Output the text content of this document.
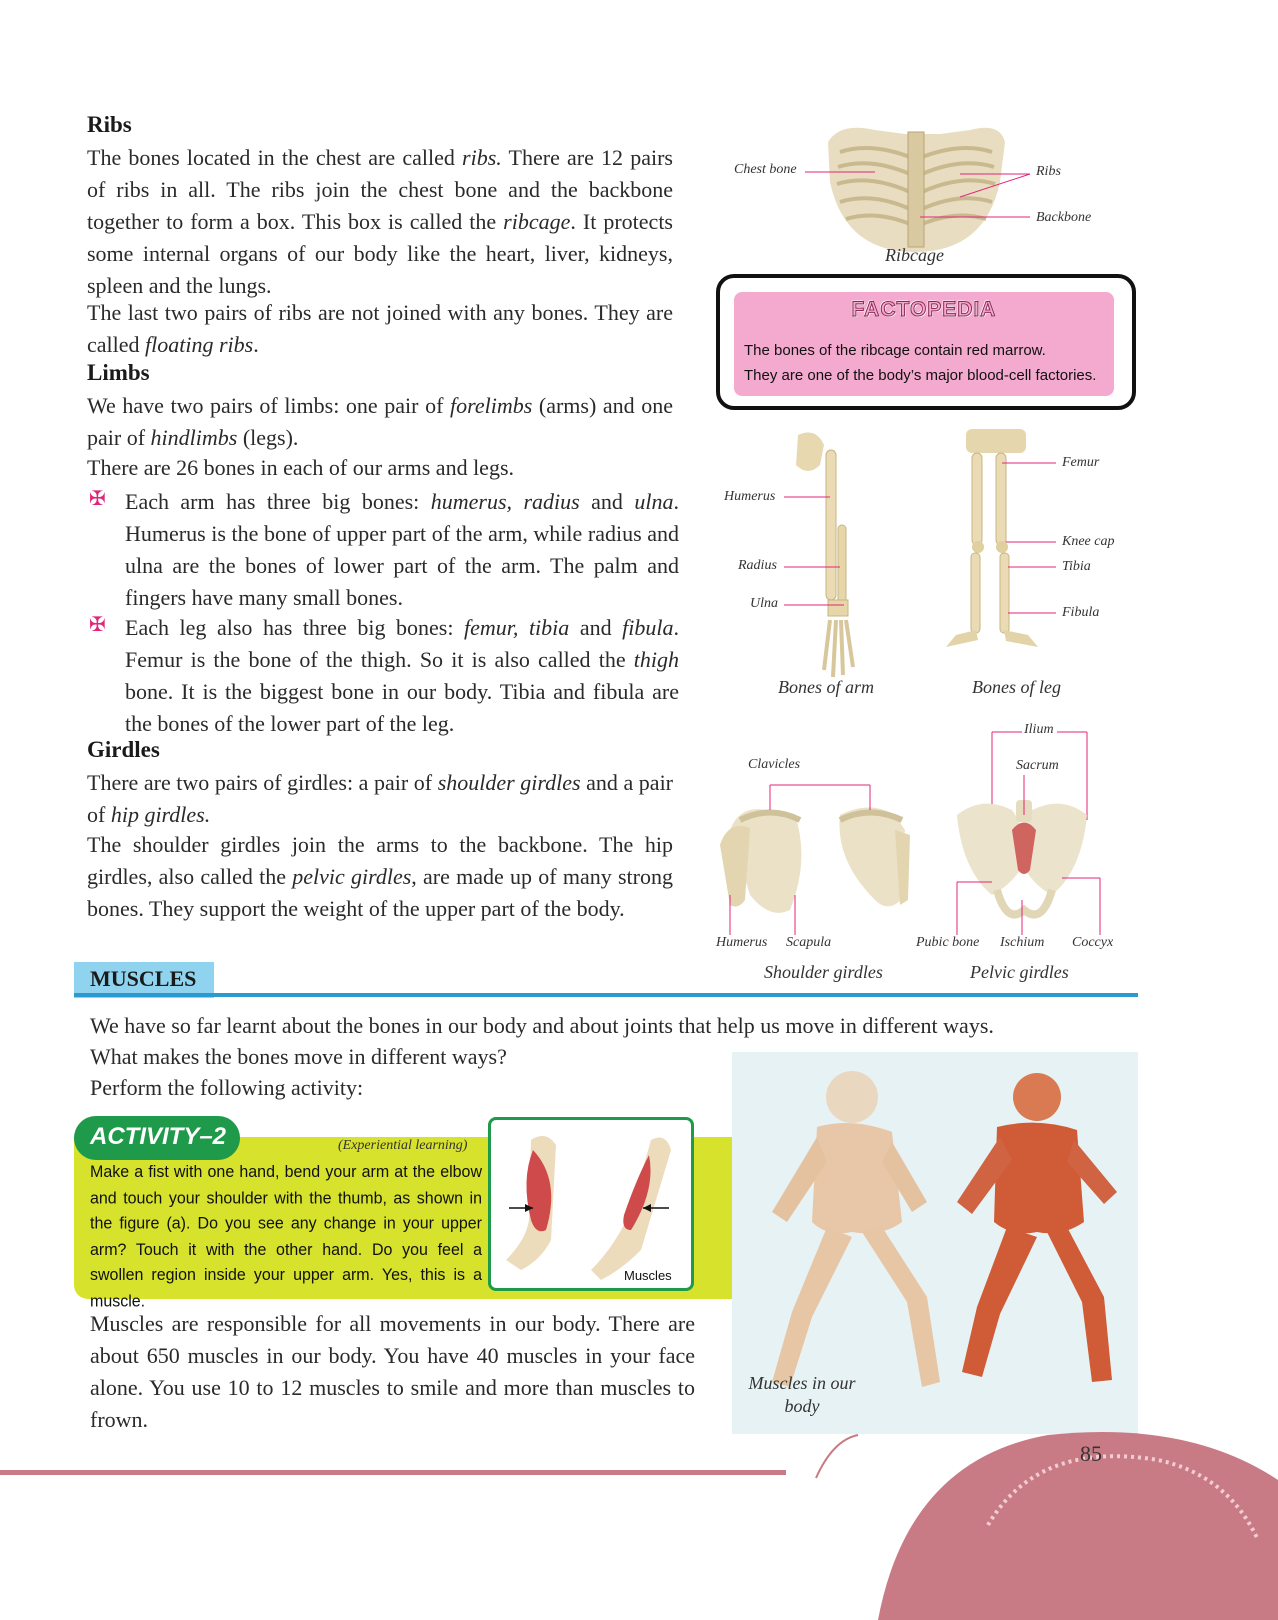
Ribs
The bones located in the chest are called ribs. There are 12 pairs of ribs in all. The ribs join the chest bone and the backbone together to form a box. This box is called the ribcage. It protects some internal organs of our body like the heart, liver, kidneys, spleen and the lungs.
The last two pairs of ribs are not joined with any bones. They are called floating ribs.
Limbs
We have two pairs of limbs: one pair of forelimbs (arms) and one pair of hindlimbs (legs).
There are 26 bones in each of our arms and legs.
✠ Each arm has three big bones: humerus, radius and ulna. Humerus is the bone of upper part of the arm, while radius and ulna are the bones of lower part of the arm. The palm and fingers have many small bones.
✠ Each leg also has three big bones: femur, tibia and fibula. Femur is the bone of the thigh. So it is also called the thigh bone. It is the biggest bone in our body. Tibia and fibula are the bones of the lower part of the leg.
Girdles
There are two pairs of girdles: a pair of shoulder girdles and a pair of hip girdles.
The shoulder girdles join the arms to the backbone. The hip girdles, also called the pelvic girdles, are made up of many strong bones. They support the weight of the upper part of the body.
Chest bone	Ribs
Backbone
Ribcage
FACTOPEDIA
The bones of the ribcage contain red marrow.
They are one of the body’s major blood-cell factories.
Humerus
Radius
Ulna
Bones of arm
Femur
Knee cap
Tibia
Fibula
Bones of leg
Clavicles
Humerus Scapula
Shoulder girdles
Ilium
Sacrum
Pubic bone Ischium Coccyx
Pelvic girdles
MUSCLES
We have so far learnt about the bones in our body and about joints that help us move in different ways.
What makes the bones move in different ways?
Perform the following activity:
Muscles in our body
ACTIVITY–2	(Experiential learning)
Make a fist with one hand, bend your arm at the elbow and touch your shoulder with the thumb, as shown in the figure (a). Do you see any change in your upper arm? Touch it with the other hand. Do you feel a swollen region inside your upper arm. Yes, this is a muscle.
Muscles
Muscles are responsible for all movements in our body. There are about 650 muscles in our body. You have 40 muscles in your face alone. You use 10 to 12 muscles to smile and more than muscles to frown.
85
